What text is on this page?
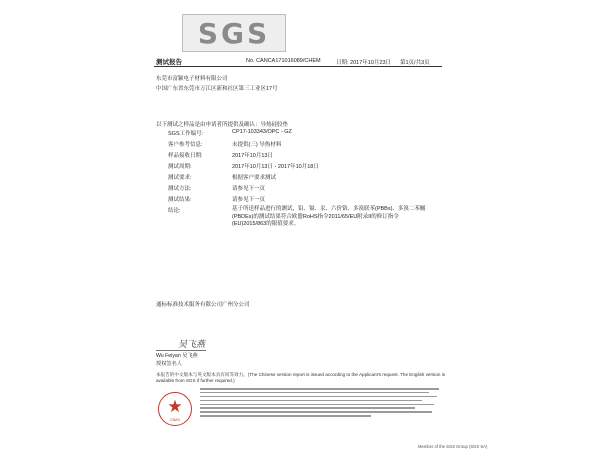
SGS
测试报告	No. CANCA171016089/CHEM	日期: 2017年10月23日 第1页/共3页
东莞市富颖电子材料有限公司
中国广东省东莞市万江区新和社区第三工业区17号
以下测试之样品是由申请者所提供及确认：导热硅胶垫
SGS工作编号:	CP17-103343/OPC - GZ
客户参考信息:	未提供(三) 导热材料
样品接收日期:	2017年10月13日
测试周期:	2017年10月13日 - 2017年10月18日
测试要求:	根据客户要求测试
测试方法:	请参见下一页
测试结果:	请参见下一页
结论:	基于所送样品进行的测试，铅、镉、汞、六价铬、多溴联苯(PBBs)、多溴二苯醚(PBDEs)的测试结果符合欧盟RoHS指令2011/65/EU附录II的修订指令(EU)2015/863的限值要求。
通标标准技术服务有限公司广州分公司
吴飞燕
Wu Feiyan 吴飞燕
授权签名人
本报告的中文版本与英文版本具有同等效力。(The Chinese version report is issued according to the Applicant's request. The English version is available from SGS if further required.)
★
CNAS
Member of the SGS Group (SGS SA)
